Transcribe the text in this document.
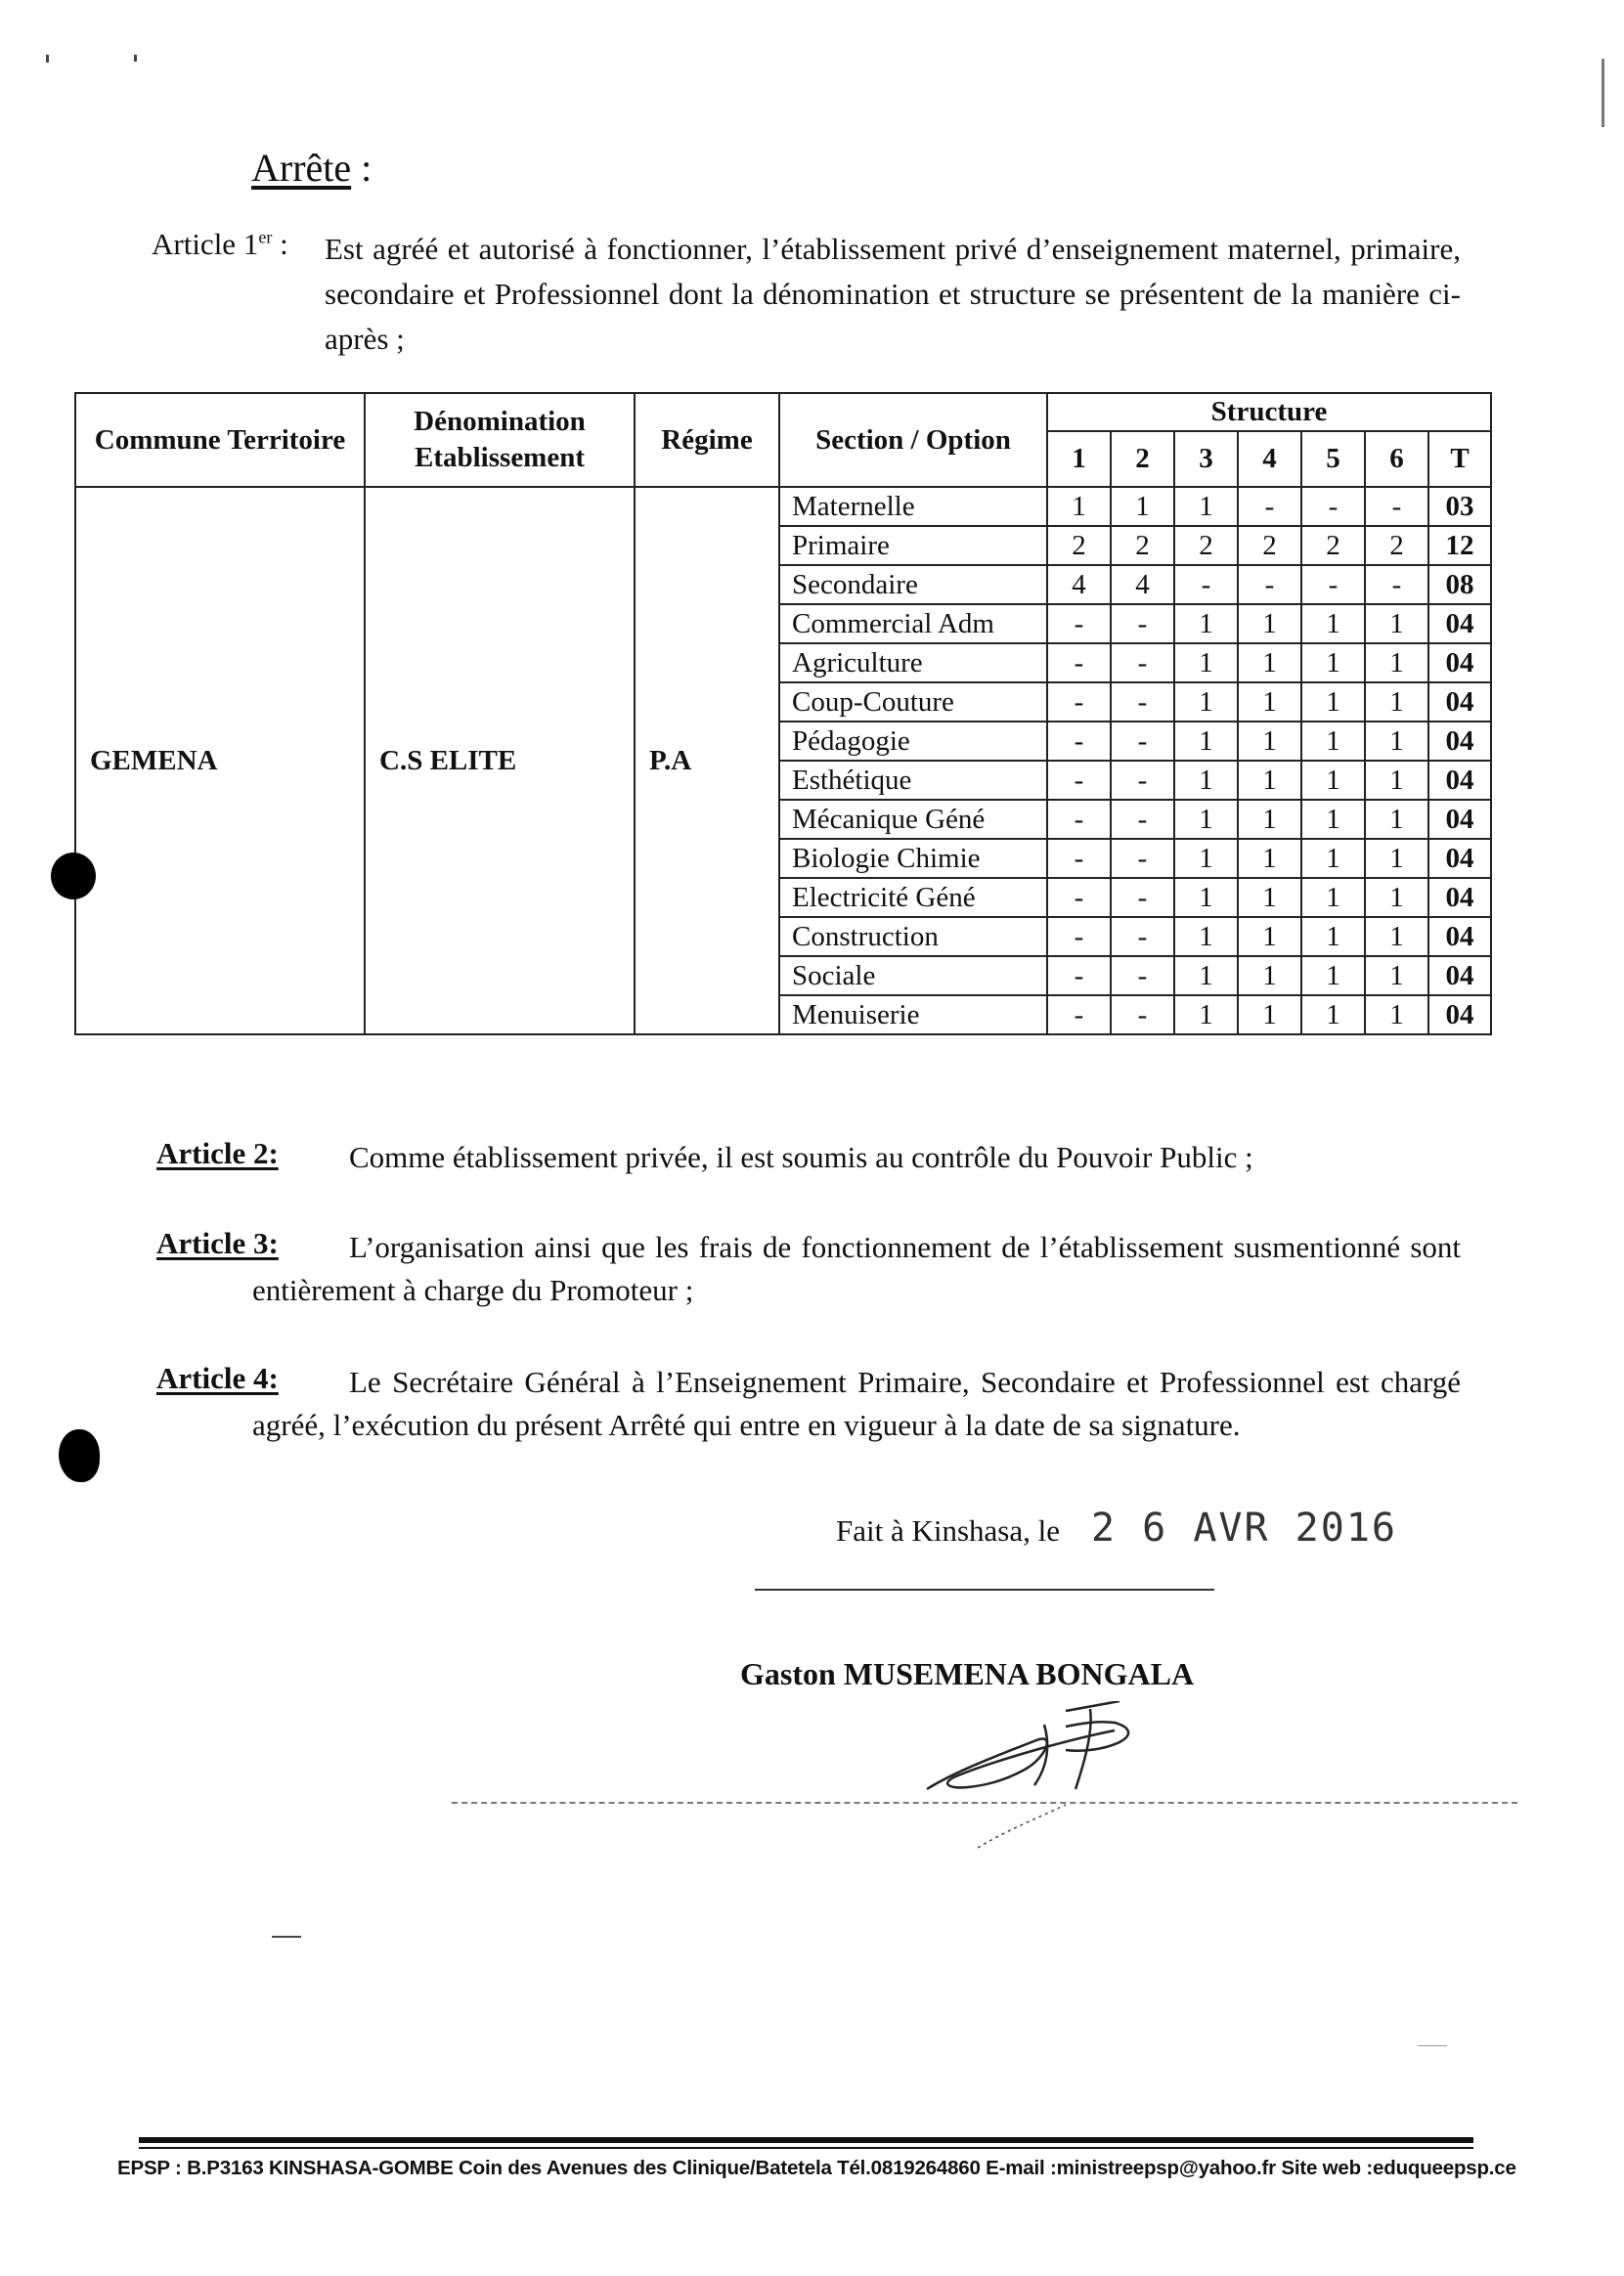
Arrête :
Article 1er : Est agréé et autorisé à fonctionner, l’établissement privé d’enseignement maternel, primaire, secondaire et Professionnel dont la dénomination et structure se présentent de la manière ci-après ;
Commune Territoire	Dénomination Etablissement	Régime	Section / Option	Structure						
				1	2	3	4	5	6	T
GEMENA	C.S ELITE	P.A	Maternelle	1	1	1	-	-	-	03
			Primaire	2	2	2	2	2	2	12
			Secondaire	4	4	-	-	-	-	08
			Commercial Adm	-	-	1	1	1	1	04
			Agriculture	-	-	1	1	1	1	04
			Coup-Couture	-	-	1	1	1	1	04
			Pédagogie	-	-	1	1	1	1	04
			Esthétique	-	-	1	1	1	1	04
			Mécanique Géné	-	-	1	1	1	1	04
			Biologie Chimie	-	-	1	1	1	1	04
			Electricité Géné	-	-	1	1	1	1	04
			Construction	-	-	1	1	1	1	04
			Sociale	-	-	1	1	1	1	04
			Menuiserie	-	-	1	1	1	1	04
Article 2: Comme établissement privée, il est soumis au contrôle du Pouvoir Public ;
L’organisation ainsi que les frais de fonctionnement de l’établissement susmentionné sont entièrement à charge du Promoteur ;
Article 3:
Le Secrétaire Général à l’Enseignement Primaire, Secondaire et Professionnel est chargé agréé, l’exécution du présent Arrêté qui entre en vigueur à la date de sa signature.
Article 4:
Fait à Kinshasa, le 2 6 AVR 2016
Gaston MUSEMENA BONGALA
EPSP : B.P3163 KINSHASA-GOMBE Coin des Avenues des Clinique/Batetela Tél.0819264860 E-mail :ministreepsp@yahoo.fr Site web :eduqueepsp.ce
